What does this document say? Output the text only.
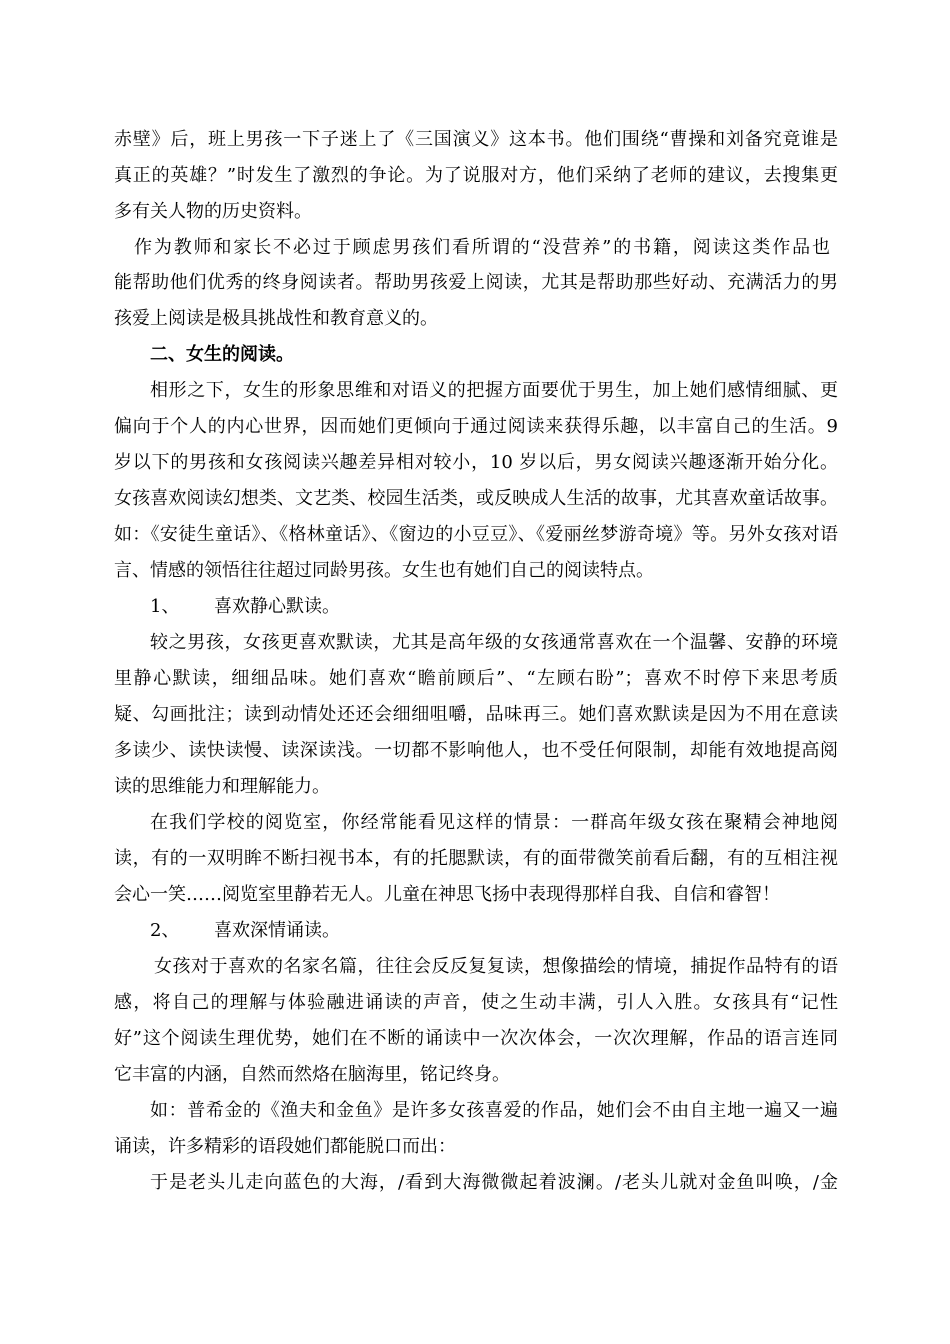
赤壁》后，班上男孩一下子迷上了《三国演义》这本书。他们围绕“曹操和刘备究竟谁是
真正的英雄？”时发生了激烈的争论。为了说服对方，他们采纳了老师的建议，去搜集更
多有关人物的历史资料。
作为教师和家长不必过于顾虑男孩们看所谓的“没营养”的书籍，阅读这类作品也
能帮助他们优秀的终身阅读者。帮助男孩爱上阅读，尤其是帮助那些好动、充满活力的男
孩爱上阅读是极具挑战性和教育意义的。
二、女生的阅读。
相形之下，女生的形象思维和对语义的把握方面要优于男生，加上她们感情细腻、更
偏向于个人的内心世界，因而她们更倾向于通过阅读来获得乐趣，以丰富自己的生活。9
岁以下的男孩和女孩阅读兴趣差异相对较小，10 岁以后，男女阅读兴趣逐渐开始分化。
女孩喜欢阅读幻想类、文艺类、校园生活类，或反映成人生活的故事，尤其喜欢童话故事。
如：《安徒生童话》、《格林童话》、《窗边的小豆豆》、《爱丽丝梦游奇境》等。另外女孩对语
言、情感的领悟往往超过同龄男孩。女生也有她们自己的阅读特点。
1、 喜欢静心默读。
较之男孩，女孩更喜欢默读，尤其是高年级的女孩通常喜欢在一个温馨、安静的环境
里静心默读，细细品味。她们喜欢“瞻前顾后”、“左顾右盼”；喜欢不时停下来思考质
疑、勾画批注；读到动情处还还会细细咀嚼，品味再三。她们喜欢默读是因为不用在意读
多读少、读快读慢、读深读浅。一切都不影响他人，也不受任何限制，却能有效地提高阅
读的思维能力和理解能力。
在我们学校的阅览室，你经常能看见这样的情景：一群高年级女孩在聚精会神地阅
读，有的一双明眸不断扫视书本，有的托腮默读，有的面带微笑前看后翻，有的互相注视
会心一笑……阅览室里静若无人。儿童在神思飞扬中表现得那样自我、自信和睿智！
2、 喜欢深情诵读。
女孩对于喜欢的名家名篇，往往会反反复复读，想像描绘的情境，捕捉作品特有的语
感，将自己的理解与体验融进诵读的声音，使之生动丰满，引人入胜。女孩具有“记性
好”这个阅读生理优势，她们在不断的诵读中一次次体会，一次次理解，作品的语言连同
它丰富的内涵，自然而然烙在脑海里，铭记终身。
如：普希金的《渔夫和金鱼》是许多女孩喜爱的作品，她们会不由自主地一遍又一遍
诵读，许多精彩的语段她们都能脱口而出：
于是老头儿走向蓝色的大海，/看到大海微微起着波澜。/老头儿就对金鱼叫唤，/金
